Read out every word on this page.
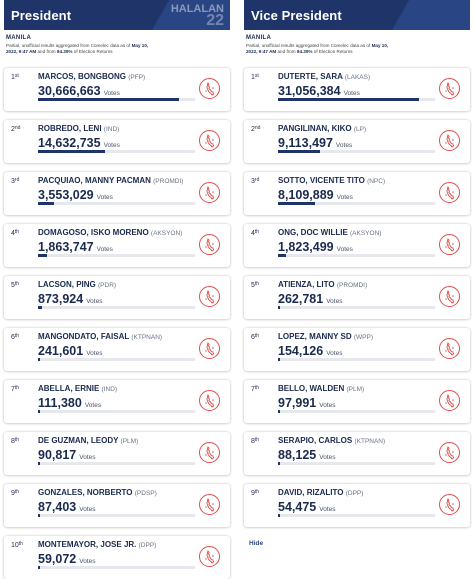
President	HALALAN
22
MANILA
Partial, unofficial results aggregated from Comelec data as of May 10, 2022, 9:47 AM and from 94.35% of Election Returns
1st MARCOS, BONGBONG (PFP)
30,666,663 Votes
2nd ROBREDO, LENI (IND)
14,632,735 Votes
3rd PACQUIAO, MANNY PACMAN (PROMDI)
3,553,029 Votes
4th DOMAGOSO, ISKO MORENO (AKSYON)
1,863,747 Votes
5th LACSON, PING (PDR)
873,924 Votes
6th MANGONDATO, FAISAL (KTPNAN)
241,601 Votes
7th ABELLA, ERNIE (IND)
111,380 Votes
8th DE GUZMAN, LEODY (PLM)
90,817 Votes
9th GONZALES, NORBERTO (PDSP)
87,403 Votes
10th MONTEMAYOR, JOSE JR. (DPP)
59,072 Votes
Vice President
MANILA
Partial, unofficial results aggregated from Comelec data as of May 10, 2022, 9:47 AM and from 94.35% of Election Returns
1st DUTERTE, SARA (LAKAS)
31,056,384 Votes
2nd PANGILINAN, KIKO (LP)
9,113,497 Votes
3rd SOTTO, VICENTE TITO (NPC)
8,109,889 Votes
4th ONG, DOC WILLIE (AKSYON)
1,823,499 Votes
5th ATIENZA, LITO (PROMDI)
262,781 Votes
6th LOPEZ, MANNY SD (WPP)
154,126 Votes
7th BELLO, WALDEN (PLM)
97,991 Votes
8th SERAPIO, CARLOS (KTPNAN)
88,125 Votes
9th DAVID, RIZALITO (DPP)
54,475 Votes
Hide
